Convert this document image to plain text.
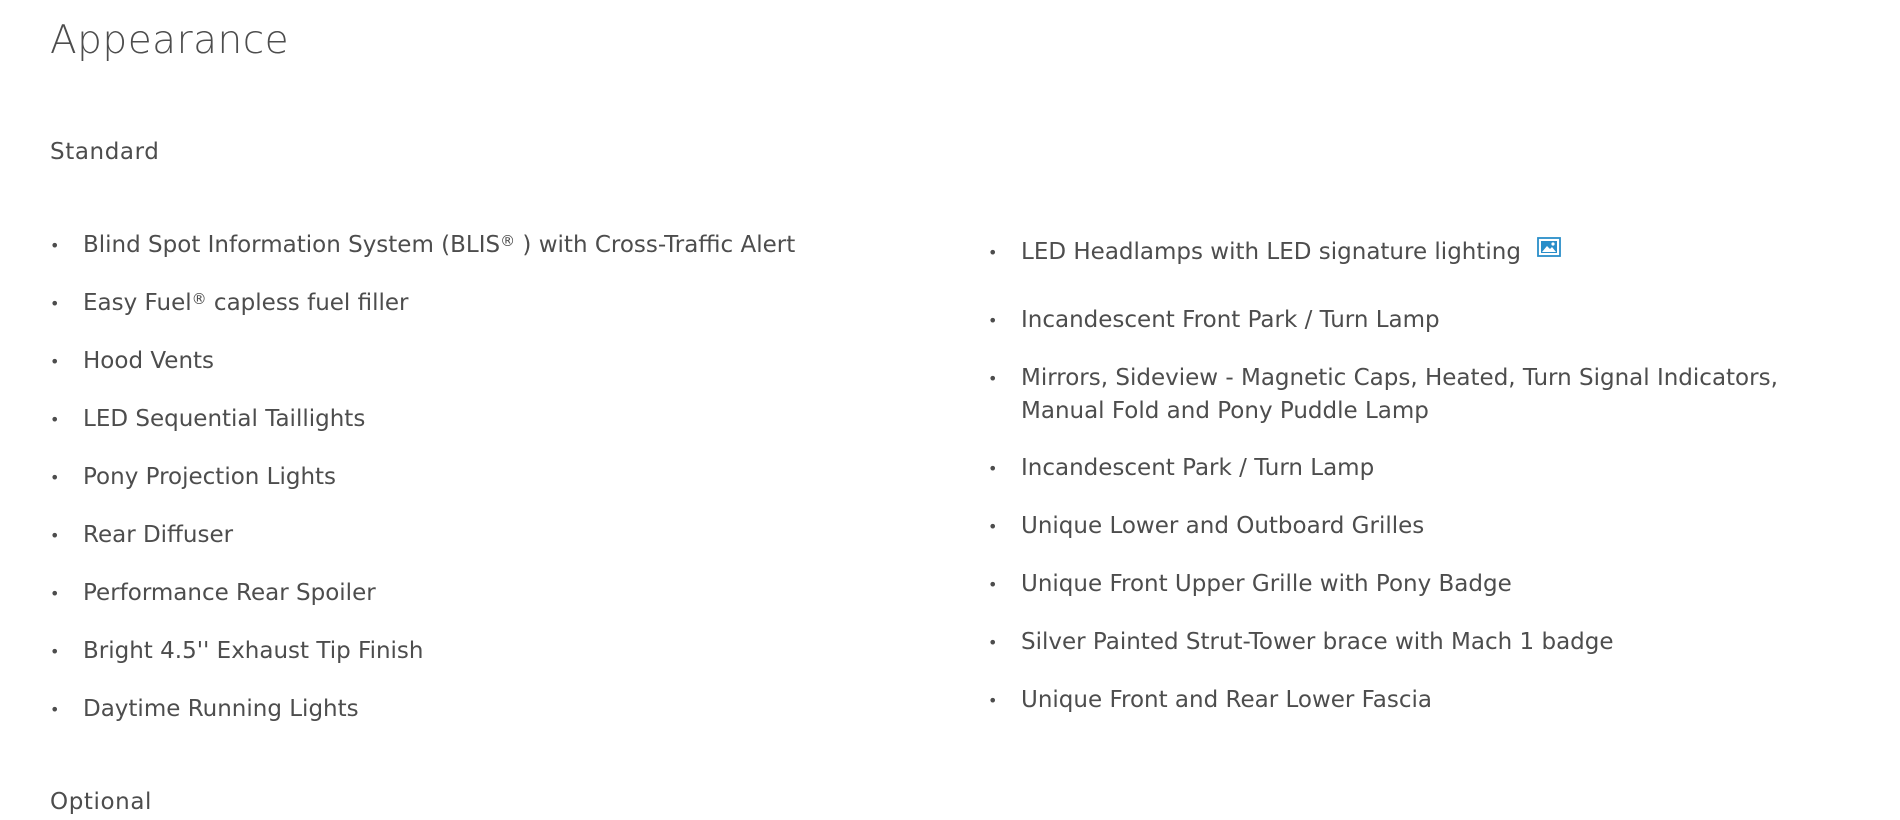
Appearance
Standard
• Blind Spot Information System (BLIS® ) with Cross-Traffic Alert
• Easy Fuel® capless fuel filler
• Hood Vents
• LED Sequential Taillights
• Pony Projection Lights
• Rear Diffuser
• Performance Rear Spoiler
• Bright 4.5'' Exhaust Tip Finish
• Daytime Running Lights
• LED Headlamps with LED signature lighting
• Incandescent Front Park / Turn Lamp
• Mirrors, Sideview - Magnetic Caps, Heated, Turn Signal Indicators, Manual Fold and Pony Puddle Lamp
• Incandescent Park / Turn Lamp
• Unique Lower and Outboard Grilles
• Unique Front Upper Grille with Pony Badge
• Silver Painted Strut-Tower brace with Mach 1 badge
• Unique Front and Rear Lower Fascia
Optional
